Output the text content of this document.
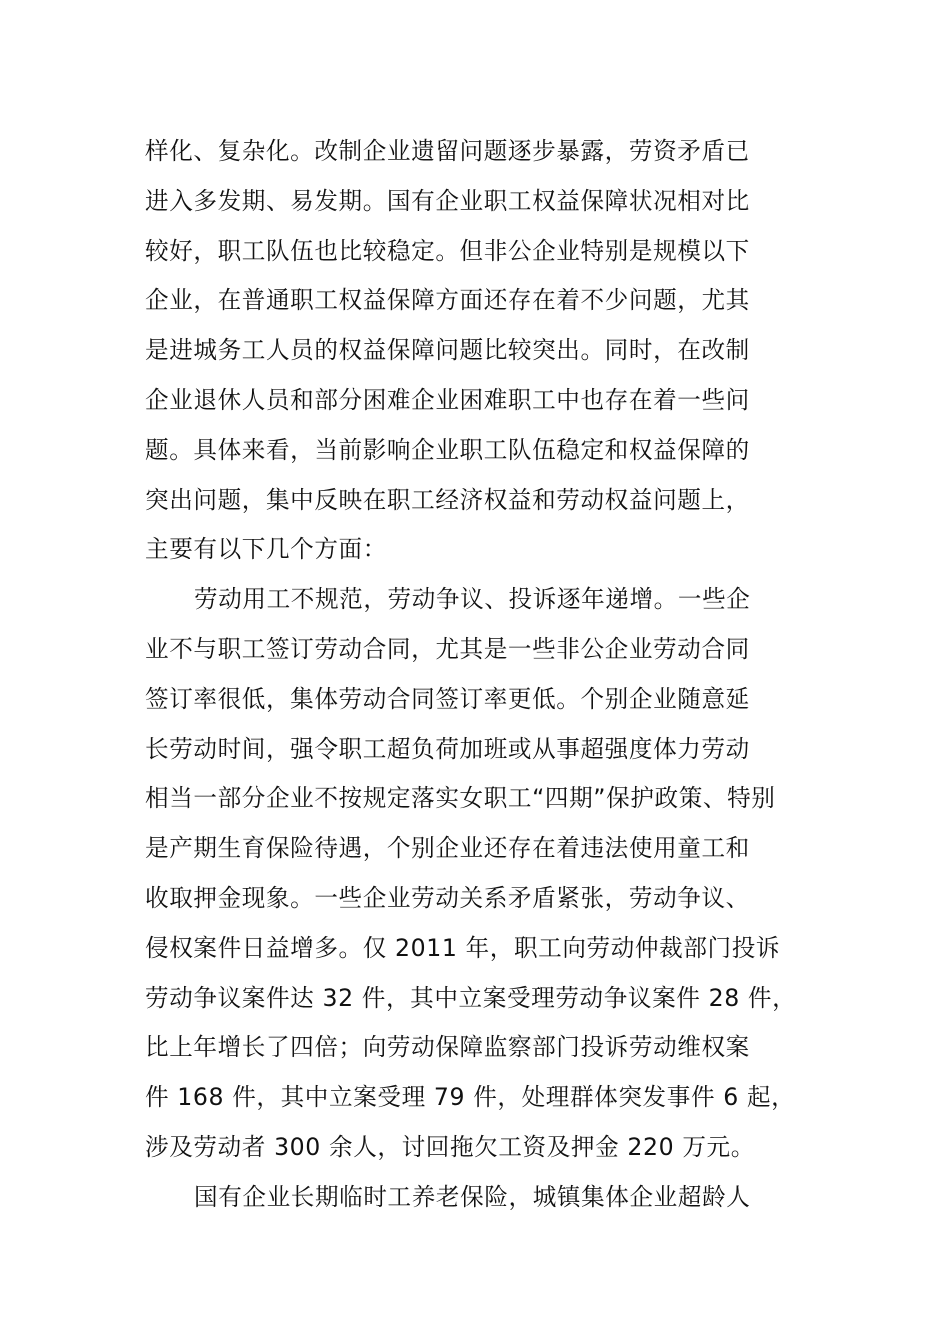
样化、复杂化。改制企业遗留问题逐步暴露，劳资矛盾已
进入多发期、易发期。国有企业职工权益保障状况相对比
较好，职工队伍也比较稳定。但非公企业特别是规模以下
企业，在普通职工权益保障方面还存在着不少问题，尤其
是进城务工人员的权益保障问题比较突出。同时，在改制
企业退休人员和部分困难企业困难职工中也存在着一些问
题。具体来看，当前影响企业职工队伍稳定和权益保障的
突出问题，集中反映在职工经济权益和劳动权益问题上，
主要有以下几个方面：
劳动用工不规范，劳动争议、投诉逐年递增。一些企
业不与职工签订劳动合同，尤其是一些非公企业劳动合同
签订率很低，集体劳动合同签订率更低。个别企业随意延
长劳动时间，强令职工超负荷加班或从事超强度体力劳动
相当一部分企业不按规定落实女职工“四期”保护政策、特别
是产期生育保险待遇，个别企业还存在着违法使用童工和
收取押金现象。一些企业劳动关系矛盾紧张，劳动争议、
侵权案件日益增多。仅 2011 年，职工向劳动仲裁部门投诉
劳动争议案件达 32 件，其中立案受理劳动争议案件 28 件，
比上年增长了四倍；向劳动保障监察部门投诉劳动维权案
件 168 件，其中立案受理 79 件，处理群体突发事件 6 起，
涉及劳动者 300 余人，讨回拖欠工资及押金 220 万元。
国有企业长期临时工养老保险，城镇集体企业超龄人
